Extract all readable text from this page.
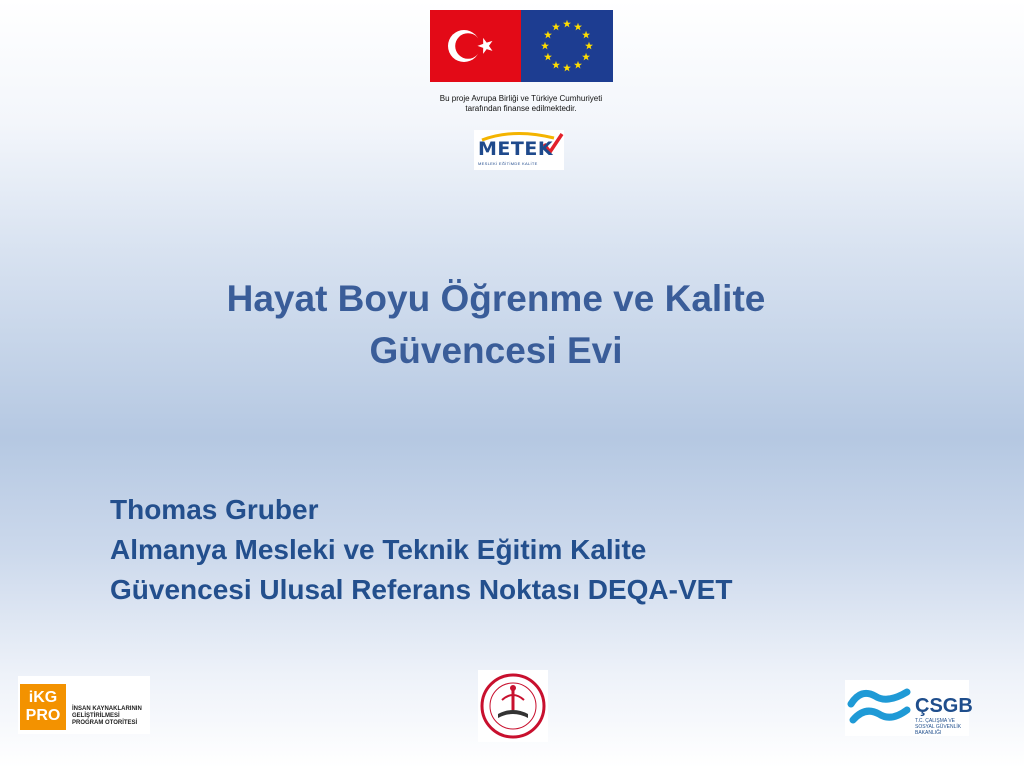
Bu proje Avrupa Birliği ve Türkiye Cumhuriyeti
tarafından finanse edilmektedir.
METEK
MESLEKİ EĞİTİMDE KALİTE
Hayat Boyu Öğrenme ve Kalite
Güvencesi Evi
Thomas Gruber
Almanya Mesleki ve Teknik Eğitim Kalite
Güvencesi Ulusal Referans Noktası DEQA-VET
iKG
PRO	İNSAN KAYNAKLARININ
GELİŞTİRİLMESİ
PROGRAM OTORİTESİ
ÇSGB
T.C. ÇALIŞMA VE
SOSYAL GÜVENLİK
BAKANLIĞI
